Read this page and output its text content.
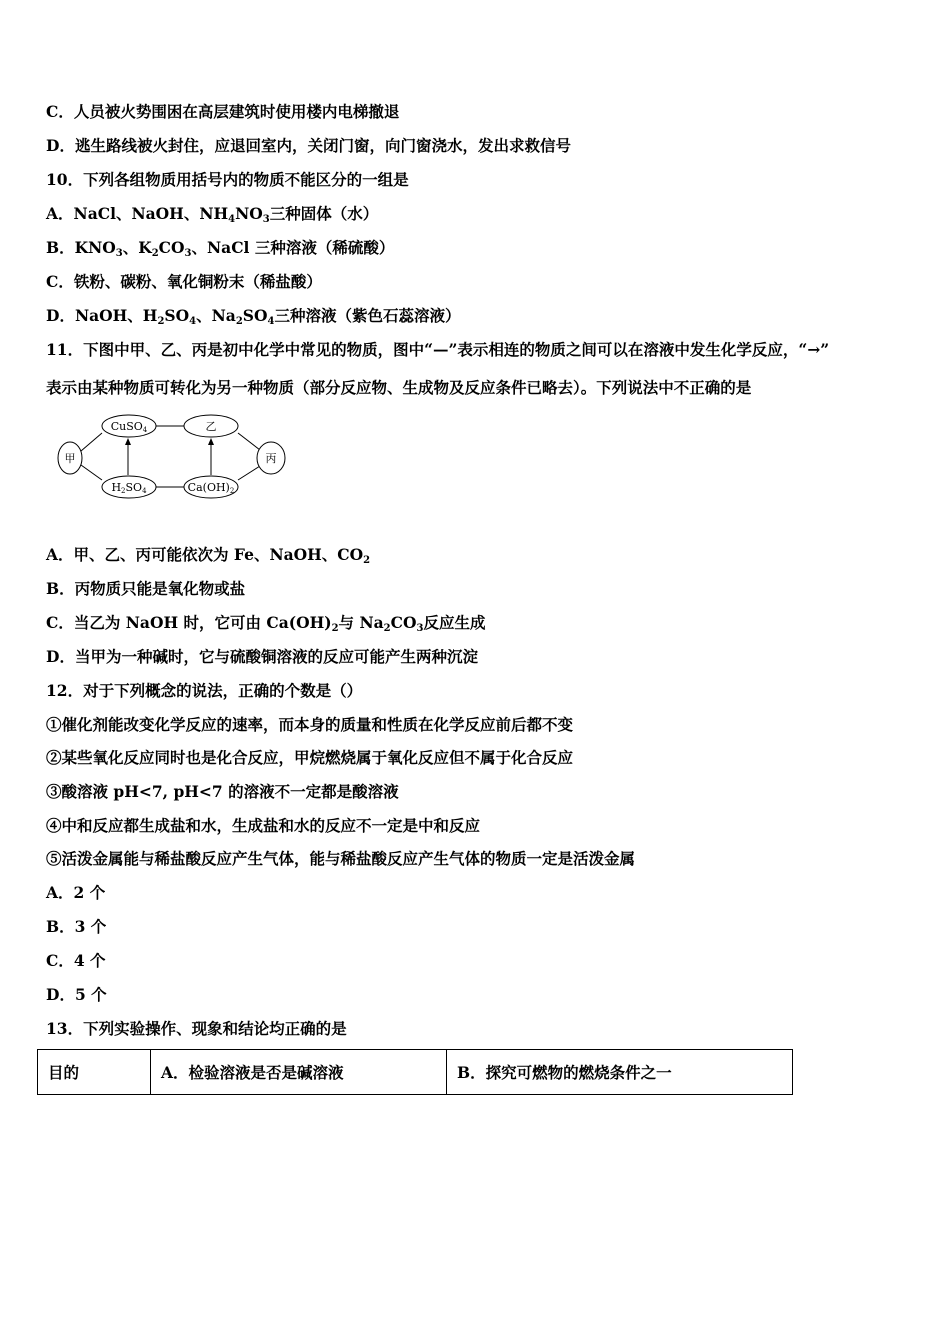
C．人员被火势围困在高层建筑时使用楼内电梯撤退
D．逃生路线被火封住，应退回室内，关闭门窗，向门窗浇水，发出求救信号
10．下列各组物质用括号内的物质不能区分的一组是
A．NaCl、NaOH、$NH_4NO_3$三种固体（水）
B．$KNO_3$、$K_2CO_3$、NaCl 三种溶液（稀硫酸）
C．铁粉、碳粉、氧化铜粉末（稀盐酸）
D．NaOH、$H_2SO_4$、$Na_2SO_4$三种溶液（紫色石蕊溶液）
11．下图中甲、乙、丙是初中化学中常见的物质，图中“—”表示相连的物质之间可以在溶液中发生化学反应，“→”
表示由某种物质可转化为另一种物质（部分反应物、生成物及反应条件已略去）。下列说法中不正确的是
甲
CuSO4	乙
H2SO4	Ca(OH)2
丙
A．甲、乙、丙可能依次为 Fe、NaOH、$CO_2$
B．丙物质只能是氧化物或盐
C．当乙为 NaOH 时，它可由 $Ca(OH)_2$与 $Na_2CO_3$反应生成
D．当甲为一种碱时，它与硫酸铜溶液的反应可能产生两种沉淀
12．对于下列概念的说法，正确的个数是（）
①催化剂能改变化学反应的速率，而本身的质量和性质在化学反应前后都不变
②某些氧化反应同时也是化合反应，甲烷燃烧属于氧化反应但不属于化合反应
③酸溶液 pH<7, pH<7 的溶液不一定都是酸溶液
④中和反应都生成盐和水，生成盐和水的反应不一定是中和反应
⑤活泼金属能与稀盐酸反应产生气体，能与稀盐酸反应产生气体的物质一定是活泼金属
A．2 个
B．3 个
C．4 个
D．5 个
13．下列实验操作、现象和结论均正确的是
目的	A．检验溶液是否是碱溶液	B．探究可燃物的燃烧条件之一
